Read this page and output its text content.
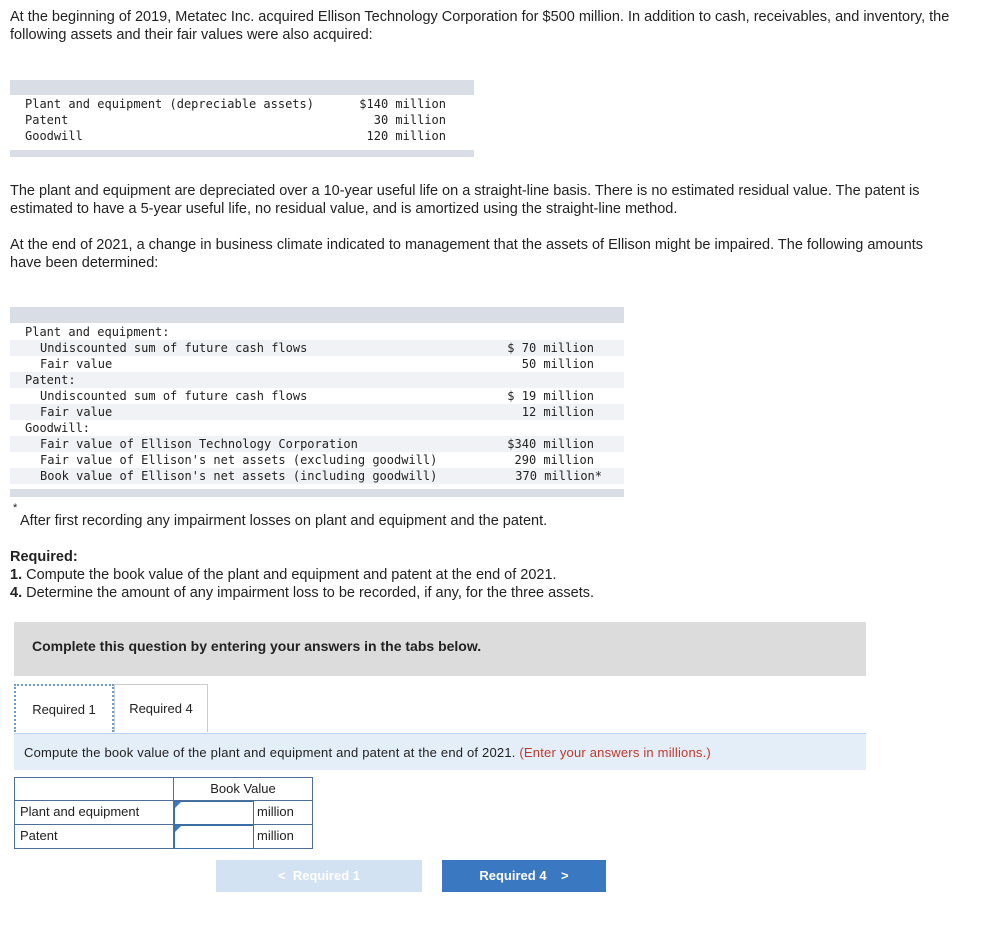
At the beginning of 2019, Metatec Inc. acquired Ellison Technology Corporation for $500 million. In addition to cash, receivables, and inventory, the following assets and their fair values were also acquired:

Plant and equipment (depreciable assets)	$140 million
Patent	30 million
Goodwill	120 million

The plant and equipment are depreciated over a 10-year useful life on a straight-line basis. There is no estimated residual value. The patent is estimated to have a 5-year useful life, no residual value, and is amortized using the straight-line method.

At the end of 2021, a change in business climate indicated to management that the assets of Ellison might be impaired. The following amounts have been determined:

Plant and equipment:
Undiscounted sum of future cash flows	$ 70 million
Fair value	50 million
Patent:
Undiscounted sum of future cash flows	$ 19 million
Fair value	12 million
Goodwill:
Fair value of Ellison Technology Corporation	$340 million
Fair value of Ellison's net assets (excluding goodwill)	290 million
Book value of Ellison's net assets (including goodwill)	370 million*
*
After first recording any impairment losses on plant and equipment and the patent.
Required:
1. Compute the book value of the plant and equipment and patent at the end of 2021.
4. Determine the amount of any impairment loss to be recorded, if any, for the three assets.
Complete this question by entering your answers in the tabs below.
Required 1	Required 4
Compute the book value of the plant and equipment and patent at the end of 2021. (Enter your answers in millions.)
Book Value
Plant and equipment	million
Patent	million
< Required 1	Required 4 >
